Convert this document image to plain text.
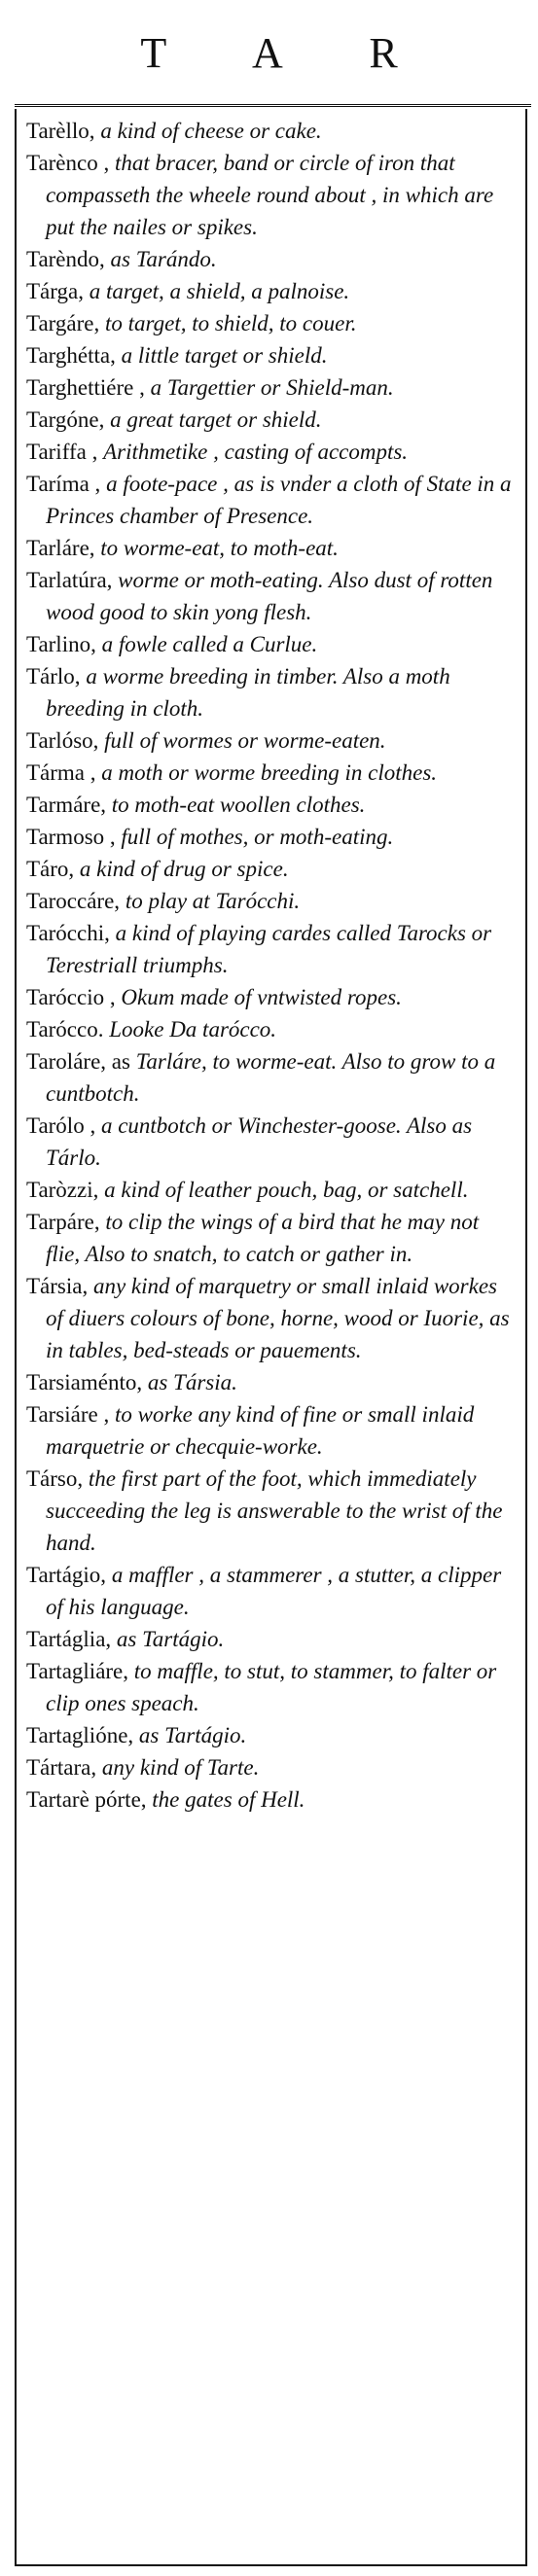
T A R

Tarèllo, a kind of cheese or cake.

Tarènco , that bracer, band or circle of iron that compasseth the wheele round about , in which are put the nailes or spikes.

Tarèndo, as Tarándo.

Tárga, a target, a shield, a palnoise.

Targáre, to target, to shield, to couer.

Targhétta, a little target or shield.

Targhettiére , a Targettier or Shield-man.

Targóne, a great target or shield.

Tariffa , Arithmetike , casting of accompts.

Taríma , a foote-pace , as is vnder a cloth of State in a Princes chamber of Presence.

Tarláre, to worme-eat, to moth-eat.

Tarlatúra, worme or moth-eating. Also dust of rotten wood good to skin yong flesh.

Tarlino, a fowle called a Curlue.

Tárlo, a worme breeding in timber. Also a moth breeding in cloth.

Tarlóso, full of wormes or worme-eaten.

Tárma , a moth or worme breeding in clothes.

Tarmáre, to moth-eat woollen clothes.

Tarmoso , full of mothes, or moth-eating.

Táro, a kind of drug or spice.

Taroccáre, to play at Tarócchi.

Tarócchi, a kind of playing cardes called Tarocks or Terestriall triumphs.

Taróccio , Okum made of vntwisted ropes.

Tarócco. Looke Da tarócco.

Taroláre, as Tarláre, to worme-eat. Also to grow to a cuntbotch.

Tarólo , a cuntbotch or Winchester-goose. Also as Tárlo.

Taròzzi, a kind of leather pouch, bag, or satchell.

Tarpáre, to clip the wings of a bird that he may not flie, Also to snatch, to catch or gather in.

Társia, any kind of marquetry or small inlaid workes of diuers colours of bone, horne, wood or Iuorie, as in tables, bed-steads or pauements.

Tarsiaménto, as Társia.

Tarsiáre , to worke any kind of fine or small inlaid marquetrie or checquie-worke.

Társo, the first part of the foot, which immediately succeeding the leg is answerable to the wrist of the hand.

Tartágio, a maffler , a stammerer , a stutter, a clipper of his language.

Tartáglia, as Tartágio.

Tartagliáre, to maffle, to stut, to stammer, to falter or clip ones speach.

Tartaglióne, as Tartágio.

Tártara, any kind of Tarte.

Tartarè pórte, the gates of Hell.
